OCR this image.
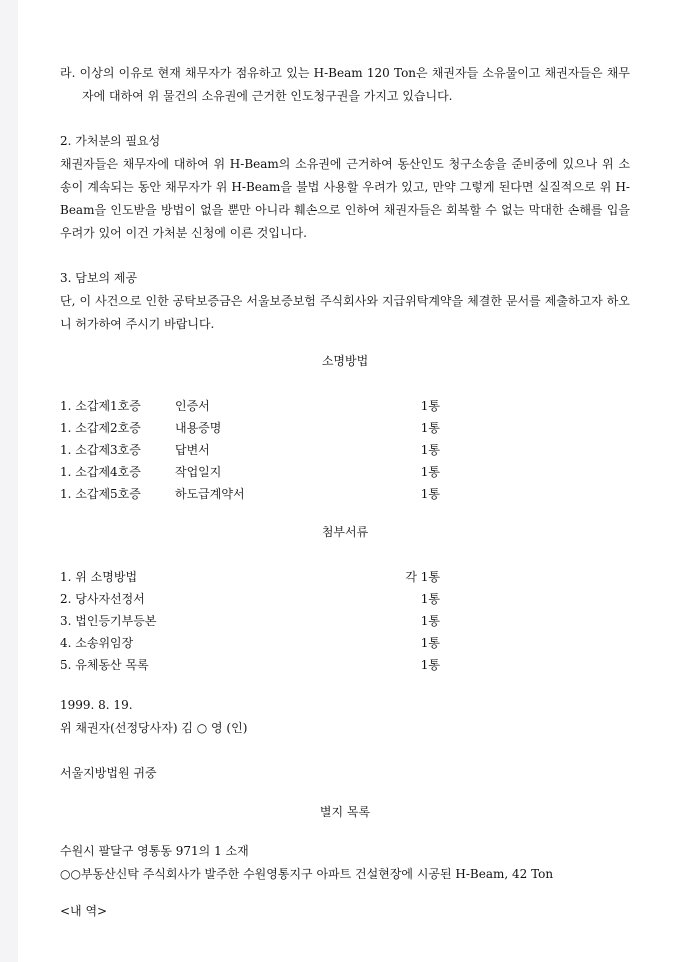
라. 이상의 이유로 현재 채무자가 점유하고 있는 H-Beam 120 Ton은 채권자들 소유물이고 채권자들은 채무자에 대하여 위 물건의 소유권에 근거한 인도청구권을 가지고 있습니다.

2. 가처분의 필요성

채권자들은 채무자에 대하여 위 H-Beam의 소유권에 근거하여 동산인도 청구소송을 준비중에 있으나 위 소송이 계속되는 동안 채무자가 위 H-Beam을 불법 사용할 우려가 있고, 만약 그렇게 된다면 실질적으로 위 H-Beam을 인도받을 방법이 없을 뿐만 아니라 훼손으로 인하여 채권자들은 회복할 수 없는 막대한 손해를 입을 우려가 있어 이건 가처분 신청에 이른 것입니다.

3. 담보의 제공

단, 이 사건으로 인한 공탁보증금은 서울보증보험 주식회사와 지급위탁계약을 체결한 문서를 제출하고자 하오니 허가하여 주시기 바랍니다.

소명방법

1. 소갑제1호증	인증서	1통
1. 소갑제2호증	내용증명	1통
1. 소갑제3호증	답변서	1통
1. 소갑제4호증	작업일지	1통
1. 소갑제5호증	하도급계약서	1통

첨부서류

1. 위 소명방법	각 1통
2. 당사자선정서	1통
3. 법인등기부등본	1통
4. 소송위임장	1통
5. 유체동산 목록	1통

1999. 8. 19.

위 채권자(선정당사자) 김 ○ 영 (인)

서울지방법원 귀중

별지 목록

수원시 팔달구 영통동 971의 1 소재

○○부동산신탁 주식회사가 발주한 수원영통지구 아파트 건설현장에 시공된 H-Beam, 42 Ton

<내 역>
